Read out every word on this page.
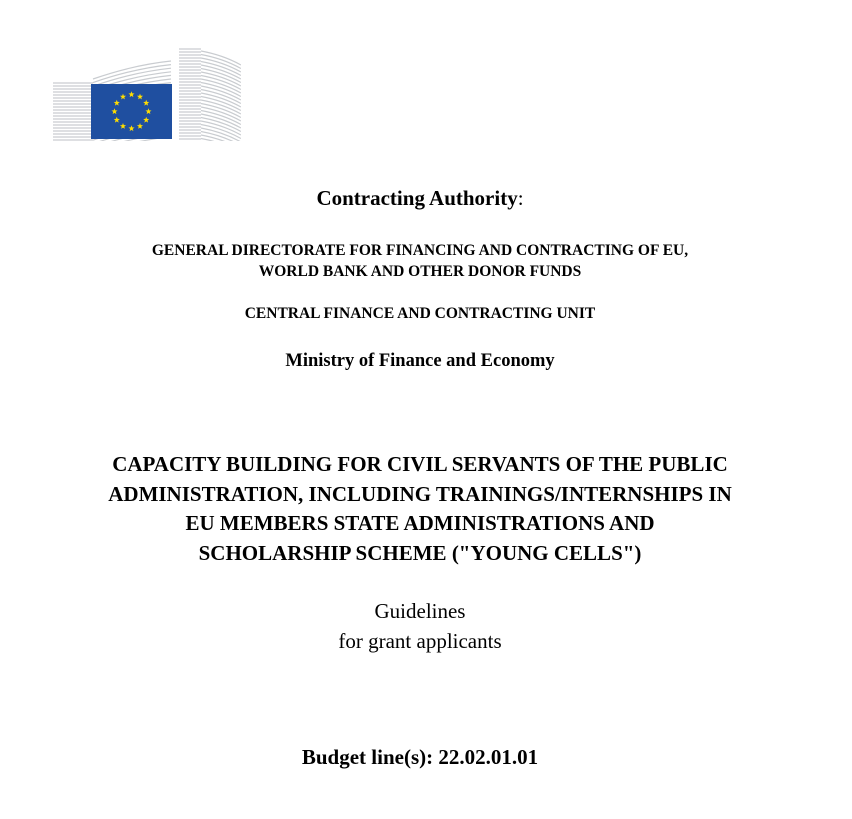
Contracting Authority:
GENERAL DIRECTORATE FOR FINANCING AND CONTRACTING OF EU,
WORLD BANK AND OTHER DONOR FUNDS
CENTRAL FINANCE AND CONTRACTING UNIT
Ministry of Finance and Economy
CAPACITY BUILDING FOR CIVIL SERVANTS OF THE PUBLIC
ADMINISTRATION, INCLUDING TRAININGS/INTERNSHIPS IN
EU MEMBERS STATE ADMINISTRATIONS AND
SCHOLARSHIP SCHEME ("YOUNG CELLS")
Guidelines
for grant applicants
Budget line(s): 22.02.01.01
